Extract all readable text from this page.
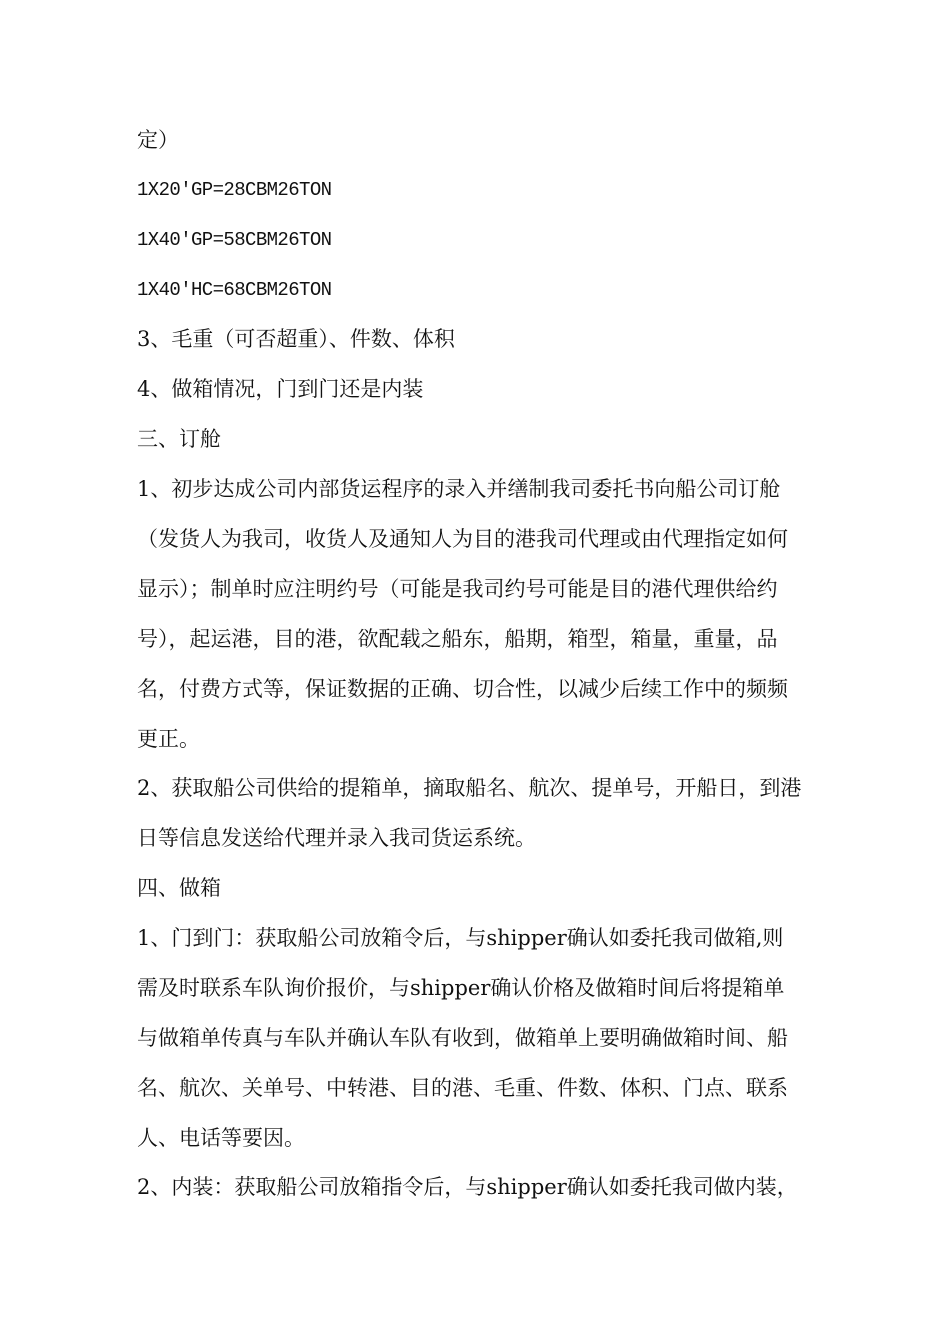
定）
1X20'GP=28CBM26TON
1X40'GP=58CBM26TON
1X40'HC=68CBM26TON
3、毛重（可否超重）、件数、体积
4、做箱情况，门到门还是内装
三、订舱
1、初步达成公司内部货运程序的录入并缮制我司委托书向船公司订舱
（发货人为我司，收货人及通知人为目的港我司代理或由代理指定如何
显示）；制单时应注明约号（可能是我司约号可能是目的港代理供给约
号），起运港，目的港，欲配载之船东，船期，箱型，箱量，重量，品
名，付费方式等，保证数据的正确、切合性，以减少后续工作中的频频
更正。
2、获取船公司供给的提箱单，摘取船名、航次、提单号，开船日，到港
日等信息发送给代理并录入我司货运系统。
四、做箱
1、门到门：获取船公司放箱令后，与shipper确认如委托我司做箱,则
需及时联系车队询价报价，与shipper确认价格及做箱时间后将提箱单
与做箱单传真与车队并确认车队有收到，做箱单上要明确做箱时间、船
名、航次、关单号、中转港、目的港、毛重、件数、体积、门点、联系
人、电话等要因。
2、内装：获取船公司放箱指令后，与shipper确认如委托我司做内装，
